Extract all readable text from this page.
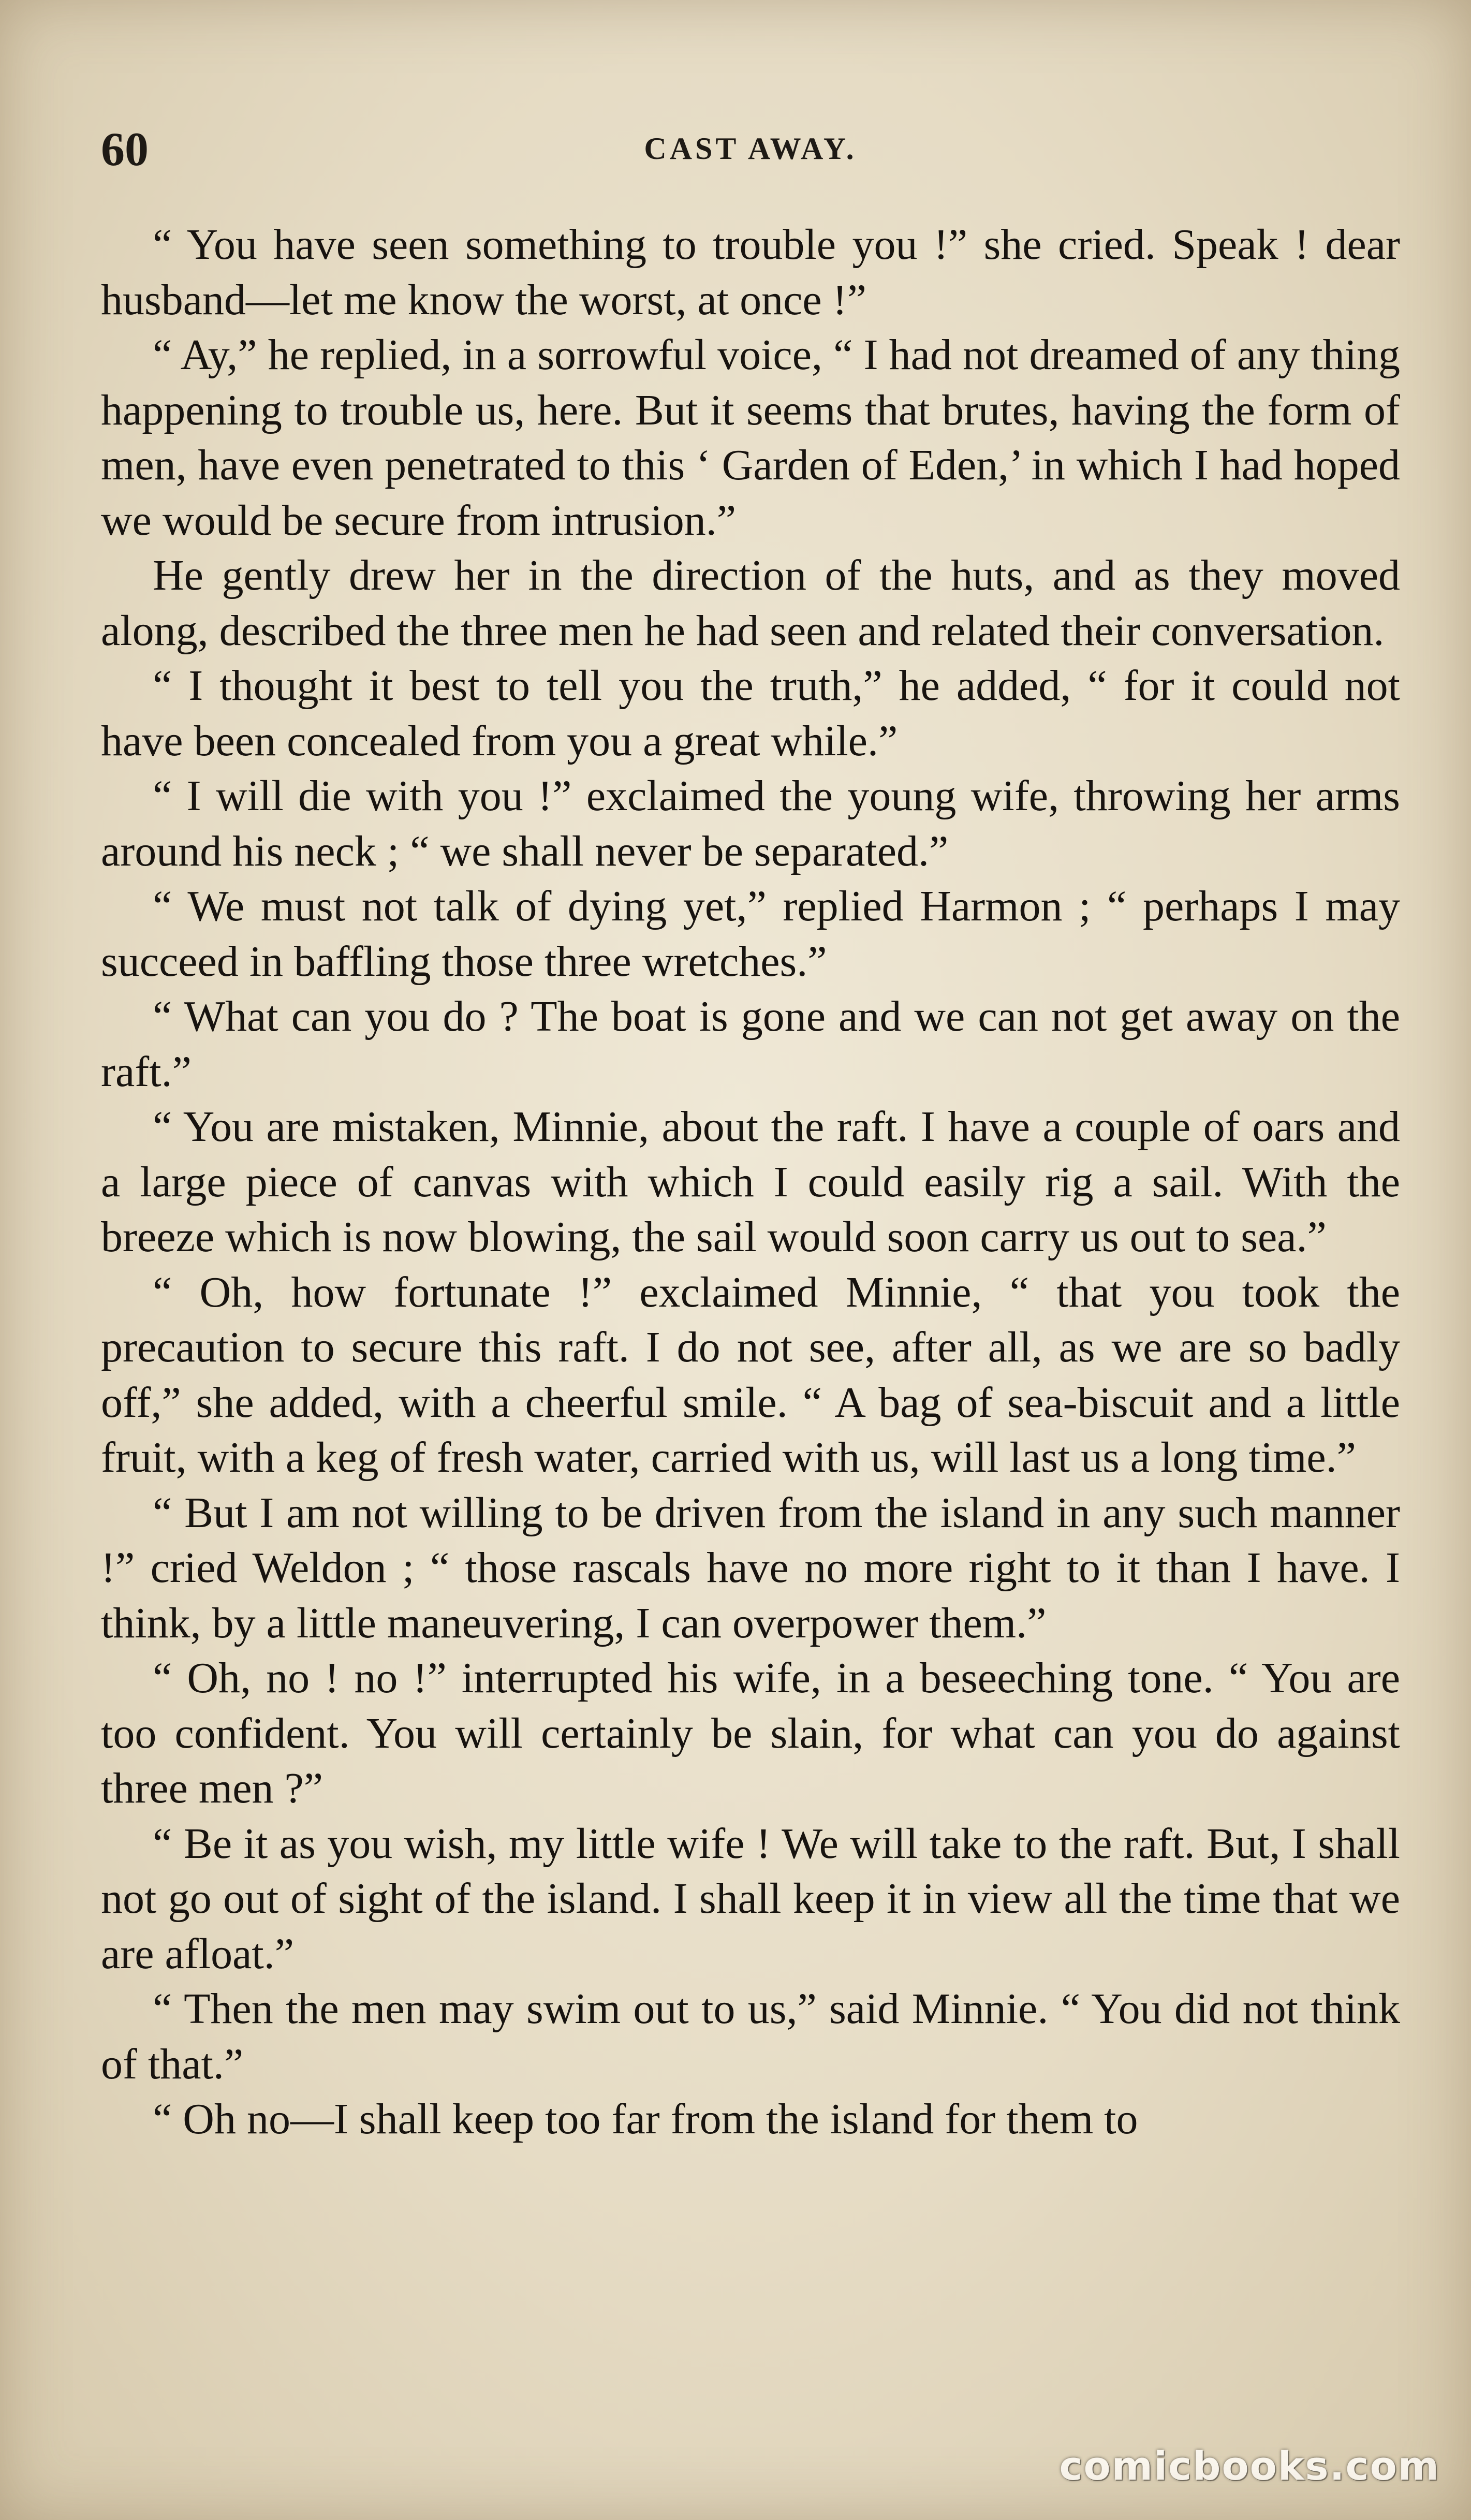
60	CAST AWAY.

“ You have seen something to trouble you !” she cried. Speak ! dear husband—let me know the worst, at once !”

“ Ay,” he replied, in a sorrowful voice, “ I had not dreamed of any thing happening to trouble us, here. But it seems that brutes, having the form of men, have even penetrated to this ‘ Garden of Eden,’ in which I had hoped we would be secure from intrusion.”

He gently drew her in the direction of the huts, and as they moved along, described the three men he had seen and related their conversation.

“ I thought it best to tell you the truth,” he added, “ for it could not have been concealed from you a great while.”

“ I will die with you !” exclaimed the young wife, throwing her arms around his neck ; “ we shall never be separated.”

“ We must not talk of dying yet,” replied Harmon ; “ perhaps I may succeed in baffling those three wretches.”

“ What can you do ? The boat is gone and we can not get away on the raft.”

“ You are mistaken, Minnie, about the raft. I have a couple of oars and a large piece of canvas with which I could easily rig a sail. With the breeze which is now blowing, the sail would soon carry us out to sea.”

“ Oh, how fortunate !” exclaimed Minnie, “ that you took the precaution to secure this raft. I do not see, after all, as we are so badly off,” she added, with a cheerful smile. “ A bag of sea-biscuit and a little fruit, with a keg of fresh water, carried with us, will last us a long time.”

“ But I am not willing to be driven from the island in any such manner !” cried Weldon ; “ those rascals have no more right to it than I have. I think, by a little maneuvering, I can overpower them.”

“ Oh, no ! no !” interrupted his wife, in a beseeching tone. “ You are too confident. You will certainly be slain, for what can you do against three men ?”

“ Be it as you wish, my little wife ! We will take to the raft. But, I shall not go out of sight of the island. I shall keep it in view all the time that we are afloat.”

“ Then the men may swim out to us,” said Minnie. “ You did not think of that.”

“ Oh no—I shall keep too far from the island for them to

comicbooks.com
